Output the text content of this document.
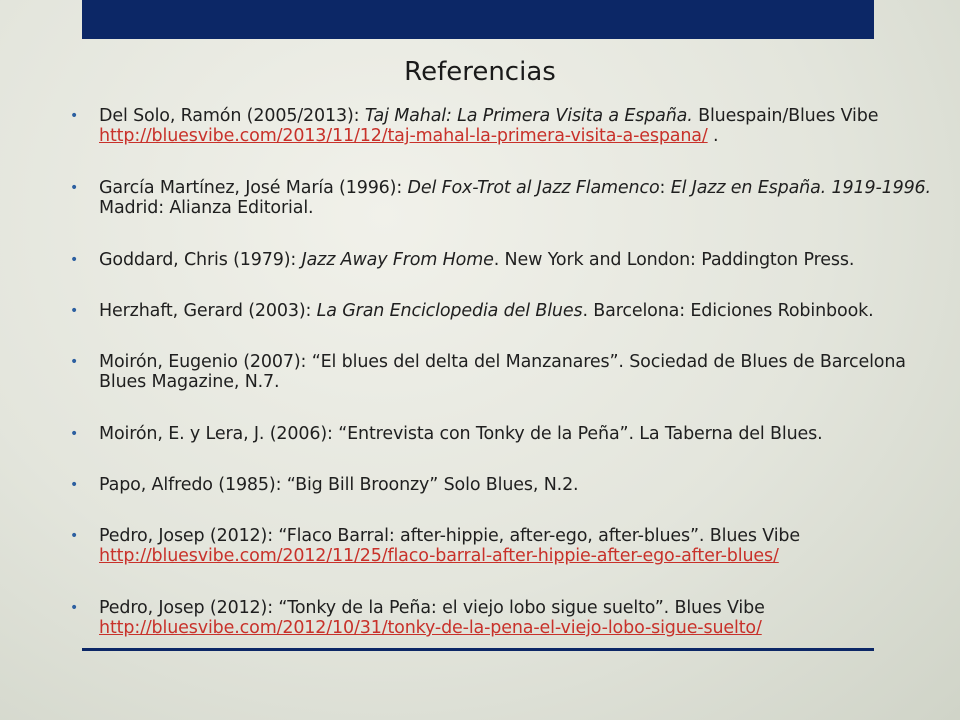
Referencias
• Del Solo, Ramón (2005/2013): Taj Mahal: La Primera Visita a España. Bluespain/Blues Vibe
http://bluesvibe.com/2013/11/12/taj-mahal-la-primera-visita-a-espana/ .
• García Martínez, José María (1996): Del Fox-Trot al Jazz Flamenco: El Jazz en España. 1919-1996.
Madrid: Alianza Editorial.
• Goddard, Chris (1979): Jazz Away From Home. New York and London: Paddington Press.
• Herzhaft, Gerard (2003): La Gran Enciclopedia del Blues. Barcelona: Ediciones Robinbook.
• Moirón, Eugenio (2007): “El blues del delta del Manzanares”. Sociedad de Blues de Barcelona
Blues Magazine, N.7.
• Moirón, E. y Lera, J. (2006): “Entrevista con Tonky de la Peña”. La Taberna del Blues.
• Papo, Alfredo (1985): “Big Bill Broonzy” Solo Blues, N.2.
• Pedro, Josep (2012): “Flaco Barral: after-hippie, after-ego, after-blues”. Blues Vibe
http://bluesvibe.com/2012/11/25/flaco-barral-after-hippie-after-ego-after-blues/
• Pedro, Josep (2012): “Tonky de la Peña: el viejo lobo sigue suelto”. Blues Vibe
http://bluesvibe.com/2012/10/31/tonky-de-la-pena-el-viejo-lobo-sigue-suelto/
